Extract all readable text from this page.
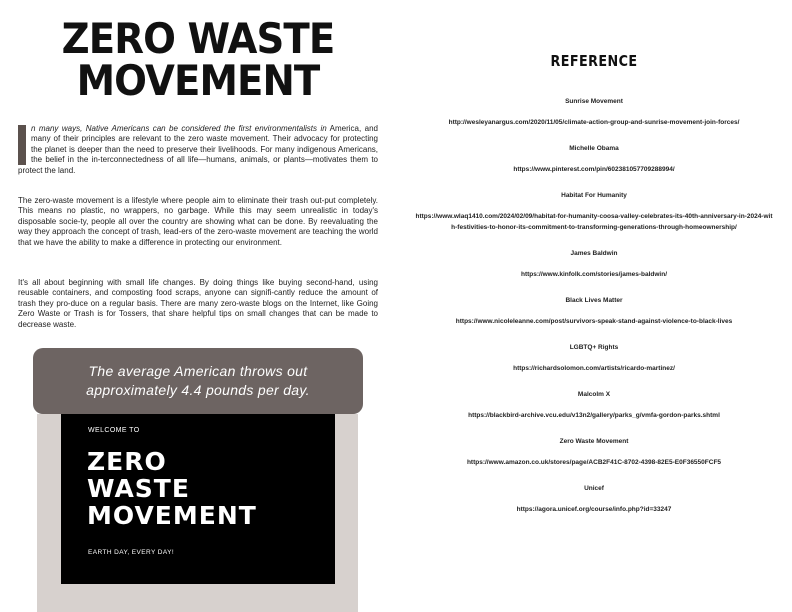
ZERO WASTE
MOVEMENT
n many ways, Native Americans can be considered the first environmentalists in America, and many of their principles are relevant to the zero waste movement. Their advocacy for protecting the planet is deeper than the need to preserve their livelihoods. For many indigenous Americans, the belief in the in-terconnectedness of all life—humans, animals, or plants—motivates them to protect the land.
The zero-waste movement is a lifestyle where people aim to eliminate their trash out-put completely. This means no plastic, no wrappers, no garbage. While this may seem unrealistic in today's disposable socie-ty, people all over the country are showing what can be done. By reevaluating the way they approach the concept of trash, lead-ers of the zero-waste movement are teaching the world that we have the ability to make a difference in protecting our environment.
It's all about beginning with small life changes. By doing things like buying second-hand, using reusable containers, and composting food scraps, anyone can signifi-cantly reduce the amount of trash they pro-duce on a regular basis. There are many zero-waste blogs on the Internet, like Going Zero Waste or Trash is for Tossers, that share helpful tips on small changes that can be made to decrease waste.
WELCOME TO
ZERO
WASTE
MOVEMENT
EARTH DAY, EVERY DAY!
The average American throws out approximately 4.4 pounds per day.
REFERENCE
Sunrise Movement
http://wesleyanargus.com/2020/11/05/climate-action-group-and-sunrise-movement-join-forces/
Michelle Obama
https://www.pinterest.com/pin/602381057709288994/
Habitat For Humanity
https://www.wlaq1410.com/2024/02/09/habitat-for-humanity-coosa-valley-celebrates-its-40th-anniversary-in-2024-with-festivities-to-honor-its-commitment-to-transforming-generations-through-homeownership/
James Baldwin
https://www.kinfolk.com/stories/james-baldwin/
Black Lives Matter
https://www.nicoleleanne.com/post/survivors-speak-stand-against-violence-to-black-lives
LGBTQ+ Rights
https://richardsolomon.com/artists/ricardo-martinez/
Malcolm X
https://blackbird-archive.vcu.edu/v13n2/gallery/parks_g/vmfa-gordon-parks.shtml
Zero Waste Movement
https://www.amazon.co.uk/stores/page/ACB2F41C-8702-4398-82E5-E0F36550FCF5
Unicef
https://agora.unicef.org/course/info.php?id=33247
